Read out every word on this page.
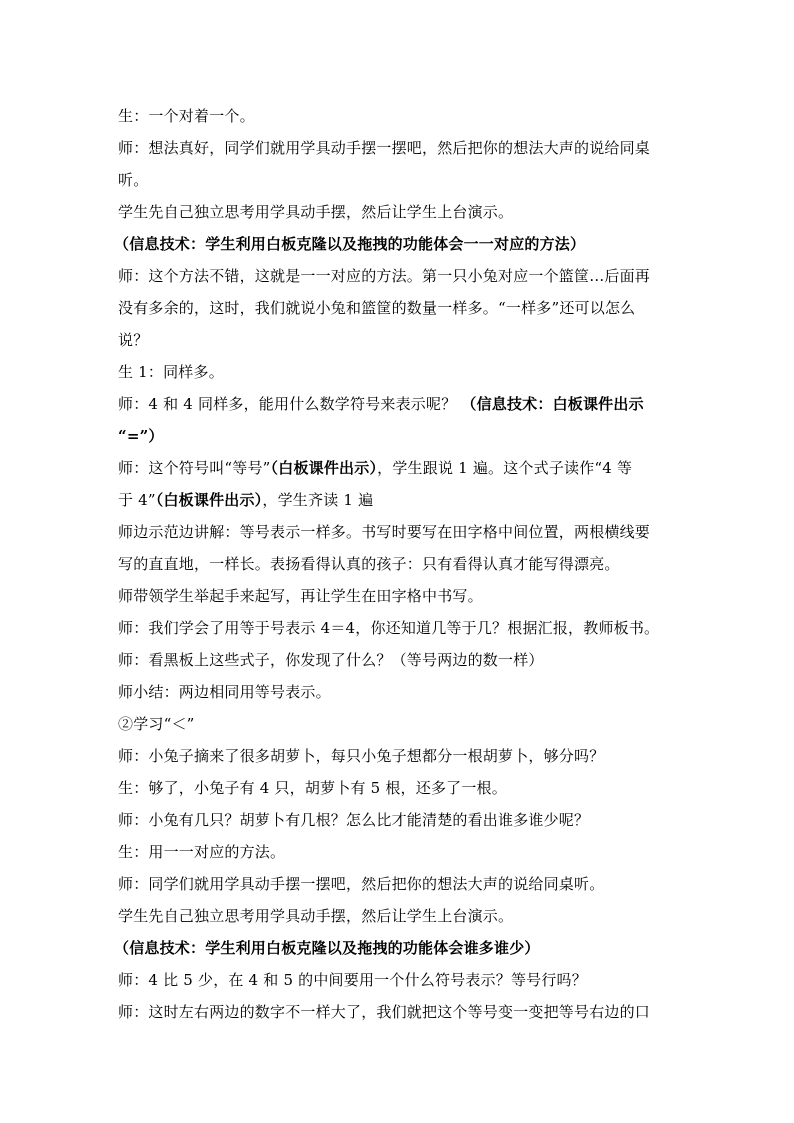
生：一个对着一个。
师：想法真好，同学们就用学具动手摆一摆吧，然后把你的想法大声的说给同桌
听。
学生先自己独立思考用学具动手摆，然后让学生上台演示。
（信息技术：学生利用白板克隆以及拖拽的功能体会一一对应的方法）
师：这个方法不错，这就是一一对应的方法。第一只小兔对应一个篮筐…后面再
没有多余的，这时，我们就说小兔和篮筐的数量一样多。“一样多”还可以怎么
说？
生 1：同样多。
师：4 和 4 同样多，能用什么数学符号来表示呢？ （信息技术：白板课件出示
“=”）
师：这个符号叫“等号”（白板课件出示），学生跟说 1 遍。这个式子读作“4 等
于 4”（白板课件出示），学生齐读 1 遍
师边示范边讲解：等号表示一样多。书写时要写在田字格中间位置，两根横线要
写的直直地，一样长。表扬看得认真的孩子：只有看得认真才能写得漂亮。
师带领学生举起手来起写，再让学生在田字格中书写。
师：我们学会了用等于号表示 4＝4，你还知道几等于几？根据汇报，教师板书。
师：看黑板上这些式子，你发现了什么？（等号两边的数一样）
师小结：两边相同用等号表示。
②学习“＜”
师：小兔子摘来了很多胡萝卜，每只小兔子想都分一根胡萝卜，够分吗？
生：够了，小兔子有 4 只，胡萝卜有 5 根，还多了一根。
师：小兔有几只？胡萝卜有几根？怎么比才能清楚的看出谁多谁少呢？
生：用一一对应的方法。
师：同学们就用学具动手摆一摆吧，然后把你的想法大声的说给同桌听。
学生先自己独立思考用学具动手摆，然后让学生上台演示。
（信息技术：学生利用白板克隆以及拖拽的功能体会谁多谁少）
师：4 比 5 少，在 4 和 5 的中间要用一个什么符号表示？等号行吗？
师：这时左右两边的数字不一样大了，我们就把这个等号变一变把等号右边的口
